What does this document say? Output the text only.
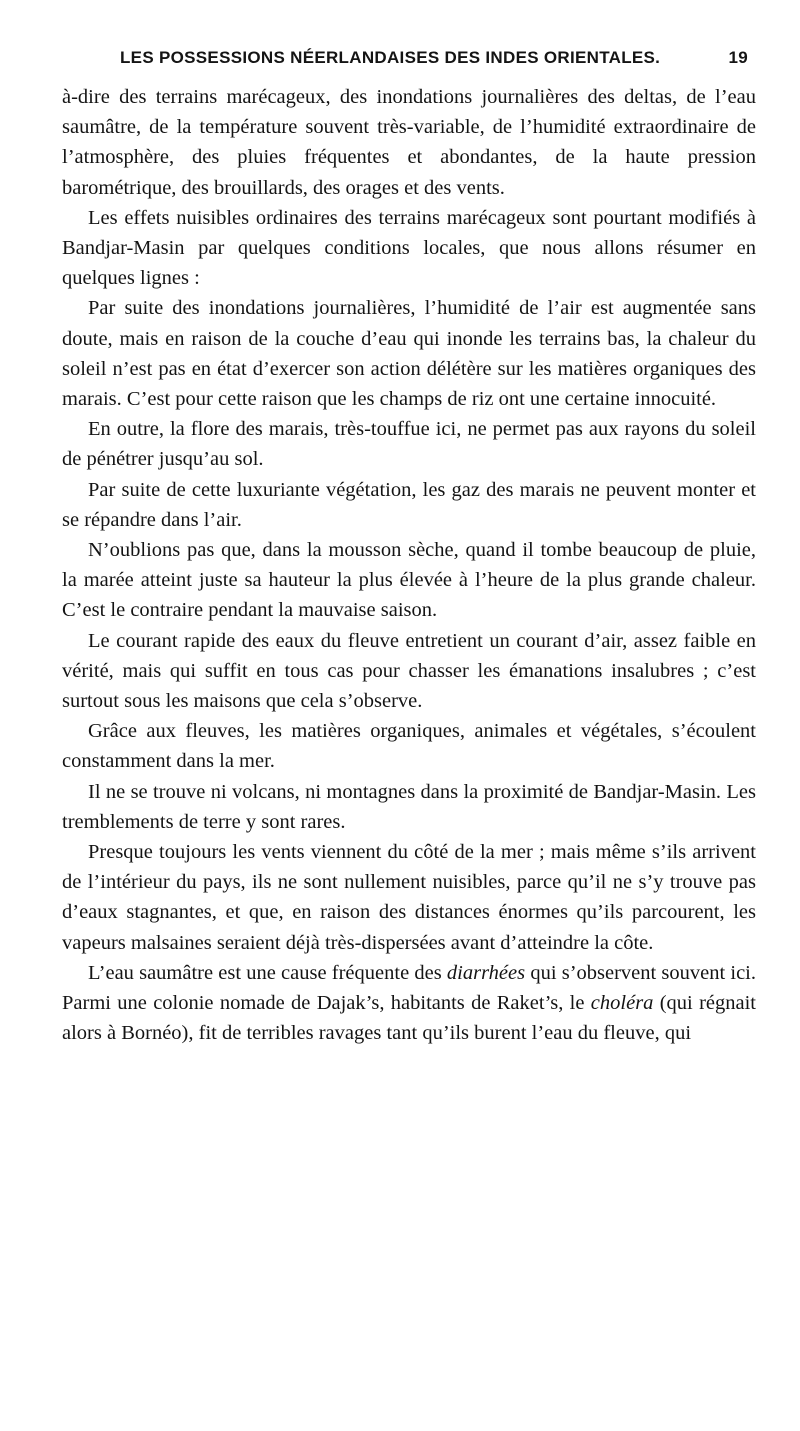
LES POSSESSIONS NÉERLANDAISES DES INDES ORIENTALES.	19

à-dire des terrains marécageux, des inondations journalières des deltas, de l’eau saumâtre, de la température souvent très-variable, de l’humidité extraordinaire de l’atmosphère, des pluies fréquentes et abondantes, de la haute pression barométrique, des brouillards, des orages et des vents.

Les effets nuisibles ordinaires des terrains marécageux sont pourtant modifiés à Bandjar-Masin par quelques conditions locales, que nous allons résumer en quelques lignes :

Par suite des inondations journalières, l’humidité de l’air est augmentée sans doute, mais en raison de la couche d’eau qui inonde les terrains bas, la chaleur du soleil n’est pas en état d’exercer son action délétère sur les matières organiques des marais. C’est pour cette raison que les champs de riz ont une certaine innocuité.

En outre, la flore des marais, très-touffue ici, ne permet pas aux rayons du soleil de pénétrer jusqu’au sol.

Par suite de cette luxuriante végétation, les gaz des marais ne peuvent monter et se répandre dans l’air.

N’oublions pas que, dans la mousson sèche, quand il tombe beaucoup de pluie, la marée atteint juste sa hauteur la plus élevée à l’heure de la plus grande chaleur. C’est le contraire pendant la mauvaise saison.

Le courant rapide des eaux du fleuve entretient un courant d’air, assez faible en vérité, mais qui suffit en tous cas pour chasser les émanations insalubres ; c’est surtout sous les maisons que cela s’observe.

Grâce aux fleuves, les matières organiques, animales et végétales, s’écoulent constamment dans la mer.

Il ne se trouve ni volcans, ni montagnes dans la proximité de Bandjar-Masin. Les tremblements de terre y sont rares.

Presque toujours les vents viennent du côté de la mer ; mais même s’ils arrivent de l’intérieur du pays, ils ne sont nullement nuisibles, parce qu’il ne s’y trouve pas d’eaux stagnantes, et que, en raison des distances énormes qu’ils parcourent, les vapeurs malsaines seraient déjà très-dispersées avant d’atteindre la côte.

L’eau saumâtre est une cause fréquente des diarrhées qui s’observent souvent ici. Parmi une colonie nomade de Dajak’s, habitants de Raket’s, le choléra (qui régnait alors à Bornéo), fit de terribles ravages tant qu’ils burent l’eau du fleuve, qui
